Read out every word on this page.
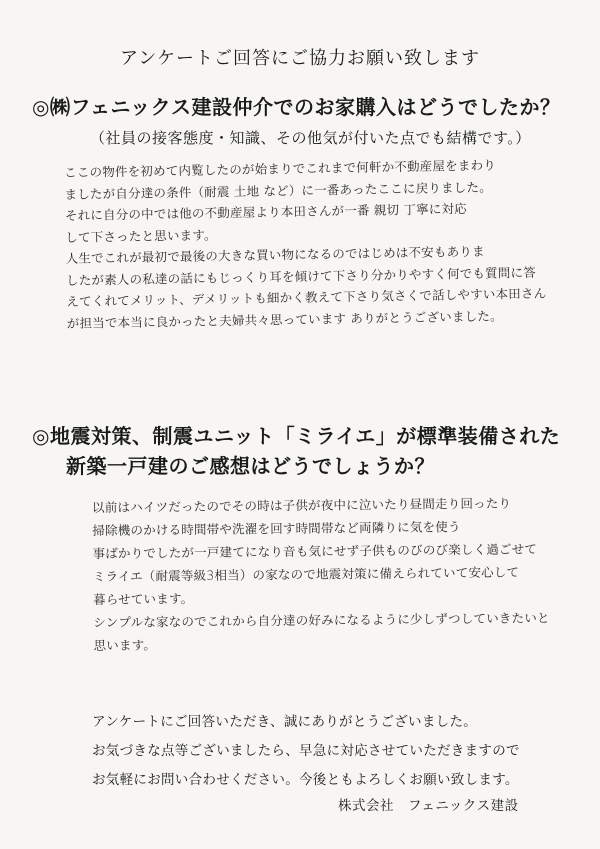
アンケートご回答にご協力お願い致します
◎㈱フェニックス建設仲介でのお家購入はどうでしたか？
（社員の接客態度・知識、その他気が付いた点でも結構です。）
ここの物件を初めて内覧したのが始まりでこれまで何軒か不動産屋をまわり
ましたが自分達の条件（耐震 土地 など）に一番あったここに戻りました。
それに自分の中では他の不動産屋より本田さんが一番 親切 丁寧に対応
して下さったと思います。
人生でこれが最初で最後の大きな買い物になるのではじめは不安もありま
したが素人の私達の話にもじっくり耳を傾けて下さり分かりやすく何でも質問に答
えてくれてメリット、デメリットも細かく教えて下さり気さくで話しやすい本田さん
が担当で本当に良かったと夫婦共々思っています ありがとうございました。
◎地震対策、制震ユニット「ミライエ」が標準装備された
新築一戸建のご感想はどうでしょうか？
以前はハイツだったのでその時は子供が夜中に泣いたり昼間走り回ったり
掃除機のかける時間帯や洗濯を回す時間帯など両隣りに気を使う
事ばかりでしたが一戸建てになり音も気にせず子供ものびのび楽しく過ごせて
ミライエ（耐震等級3相当）の家なので地震対策に備えられていて安心して
暮らせています。
シンプルな家なのでこれから自分達の好みになるように少しずつしていきたいと
思います。
アンケートにご回答いただき、誠にありがとうございました。
お気づきな点等ございましたら、早急に対応させていただきますので
お気軽にお問い合わせください。今後ともよろしくお願い致します。
株式会社　フェニックス建設
